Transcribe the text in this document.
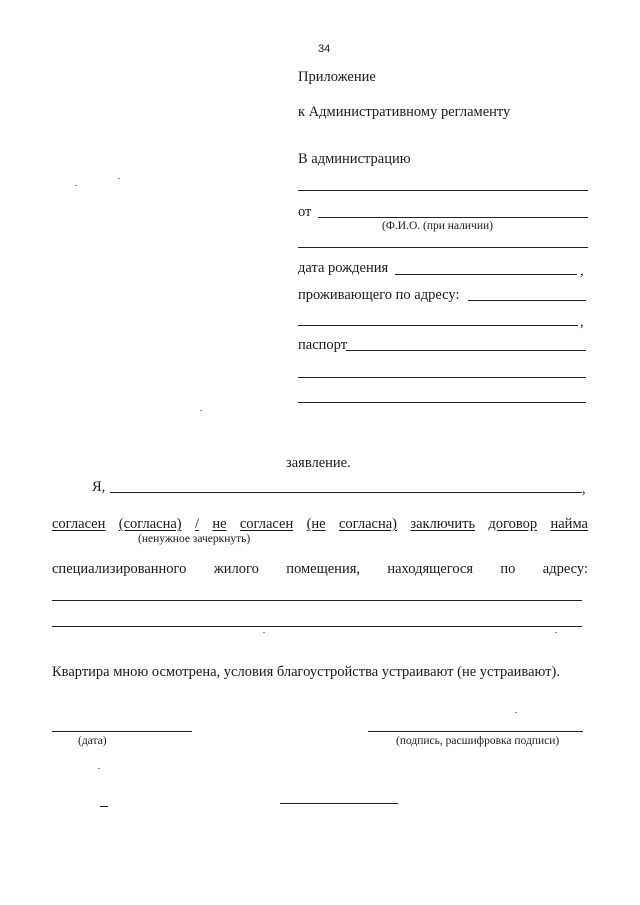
34
Приложение
к Административному регламенту
В администрацию
от
(Ф.И.О. (при наличии)
дата рождения	,
проживающего по адресу:
,
паспорт
заявление.
Я,	,
согласен (согласна) / не согласен (не согласна) заключить договор найма
(ненужное зачеркнуть)
специализированного жилого помещения, находящегося по адресу:
Квартира мною осмотрена, условия благоустройства устраивают (не устраивают).
(дата)	(подпись, расшифровка подписи)
